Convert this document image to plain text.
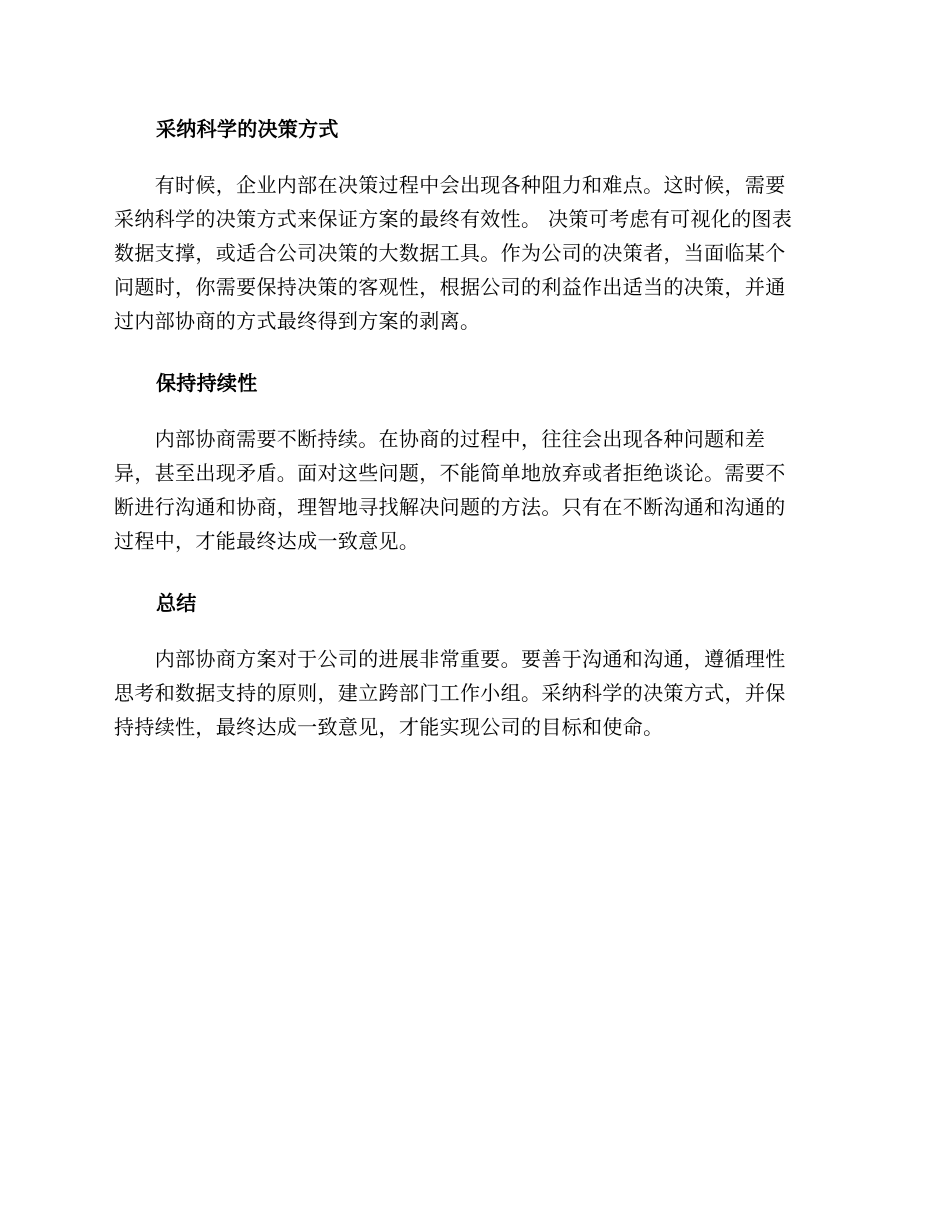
采纳科学的决策方式

　　有时候，企业内部在决策过程中会出现各种阻力和难点。这时候，需要
采纳科学的决策方式来保证方案的最终有效性。 决策可考虑有可视化的图表
数据支撑，或适合公司决策的大数据工具。作为公司的决策者，当面临某个
问题时，你需要保持决策的客观性，根据公司的利益作出适当的决策，并通
过内部协商的方式最终得到方案的剥离。

保持持续性

　　内部协商需要不断持续。在协商的过程中，往往会出现各种问题和差
异，甚至出现矛盾。面对这些问题，不能简单地放弃或者拒绝谈论。需要不
断进行沟通和协商，理智地寻找解决问题的方法。只有在不断沟通和沟通的
过程中，才能最终达成一致意见。

总结

　　内部协商方案对于公司的进展非常重要。要善于沟通和沟通，遵循理性
思考和数据支持的原则，建立跨部门工作小组。采纳科学的决策方式，并保
持持续性，最终达成一致意见，才能实现公司的目标和使命。
